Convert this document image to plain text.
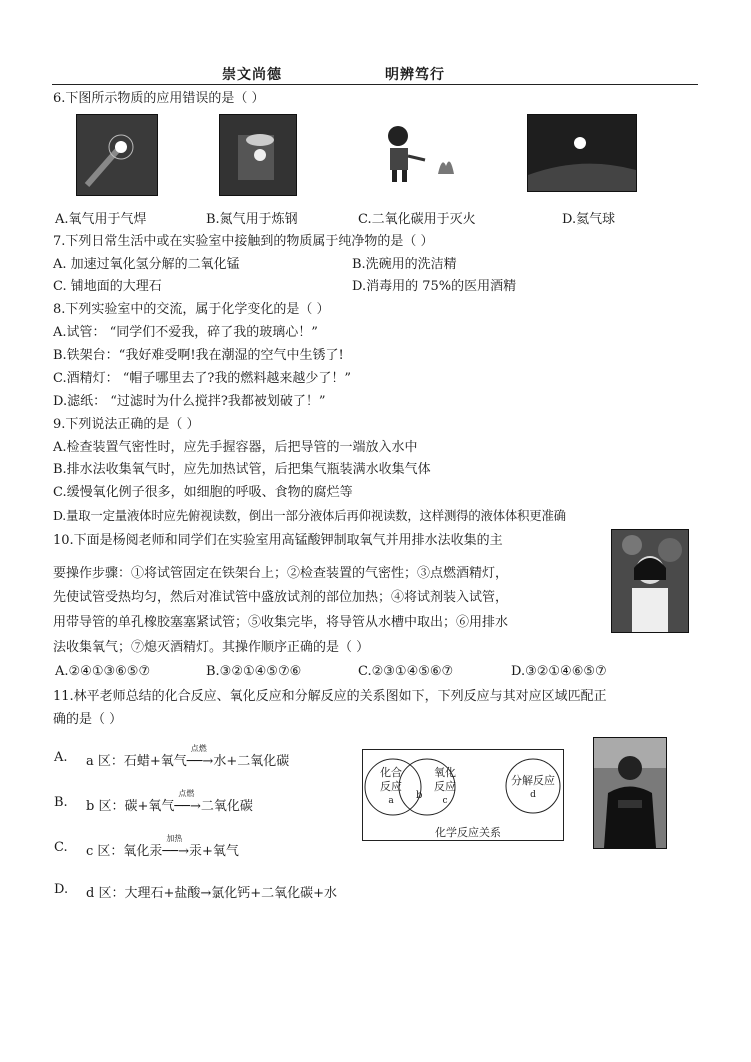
崇文尚德	明辨笃行
6.下图所示物质的应用错误的是（ ）
A.氧气用于气焊	B.氮气用于炼钢	C.二氧化碳用于灭火	D.氦气球
7.下列日常生活中或在实验室中接触到的物质属于纯净物的是（ ）
A. 加速过氧化氢分解的二氧化锰	B.洗碗用的洗洁精
C. 铺地面的大理石	D.消毒用的 75%的医用酒精
8.下列实验室中的交流，属于化学变化的是（ ）
A.试管： “同学们不爱我，碎了我的玻璃心！”
B.铁架台：“我好难受啊!我在潮湿的空气中生锈了!
C.酒精灯： “帽子哪里去了?我的燃料越来越少了！”
D.滤纸： “过滤时为什么搅拌?我都被划破了！”
9.下列说法正确的是（ ）
A.检查装置气密性时，应先手握容器，后把导管的一端放入水中
B.排水法收集氧气时，应先加热试管，后把集气瓶装满水收集气体
C.缓慢氧化例子很多，如细胞的呼吸、食物的腐烂等
D.量取一定量液体时应先俯视读数，倒出一部分液体后再仰视读数，这样测得的液体体积更准确
10.下面是杨阅老师和同学们在实验室用高锰酸钾制取氧气并用排水法收集的主
要操作步骤：①将试管固定在铁架台上；②检查装置的气密性；③点燃酒精灯，
先使试管受热均匀，然后对准试管中盛放试剂的部位加热；④将试剂装入试管，
用带导管的单孔橡胶塞塞紧试管；⑤收集完毕，将导管从水槽中取出；⑥用排水
法收集氧气；⑦熄灭酒精灯。其操作顺序正确的是（ ）
A.②④①③⑥⑤⑦	B.③②①④⑤⑦⑥	C.②③①④⑤⑥⑦	D.③②①④⑥⑤⑦
11.林平老师总结的化合反应、氧化反应和分解反应的关系图如下，下列反应与其对应区域匹配正
确的是（ ）
A. a 区：石蜡+氧气
点燃
──→水+二氧化碳
B. b 区：碳+氧气
点燃
──→二氧化碳
C. c 区：氧化汞
加热
──→汞+氧气
D. d 区：大理石+盐酸→氯化钙+二氧化碳+水
化合
反应
a	b
氧化
反应
c
分解反应
d
化学反应关系
